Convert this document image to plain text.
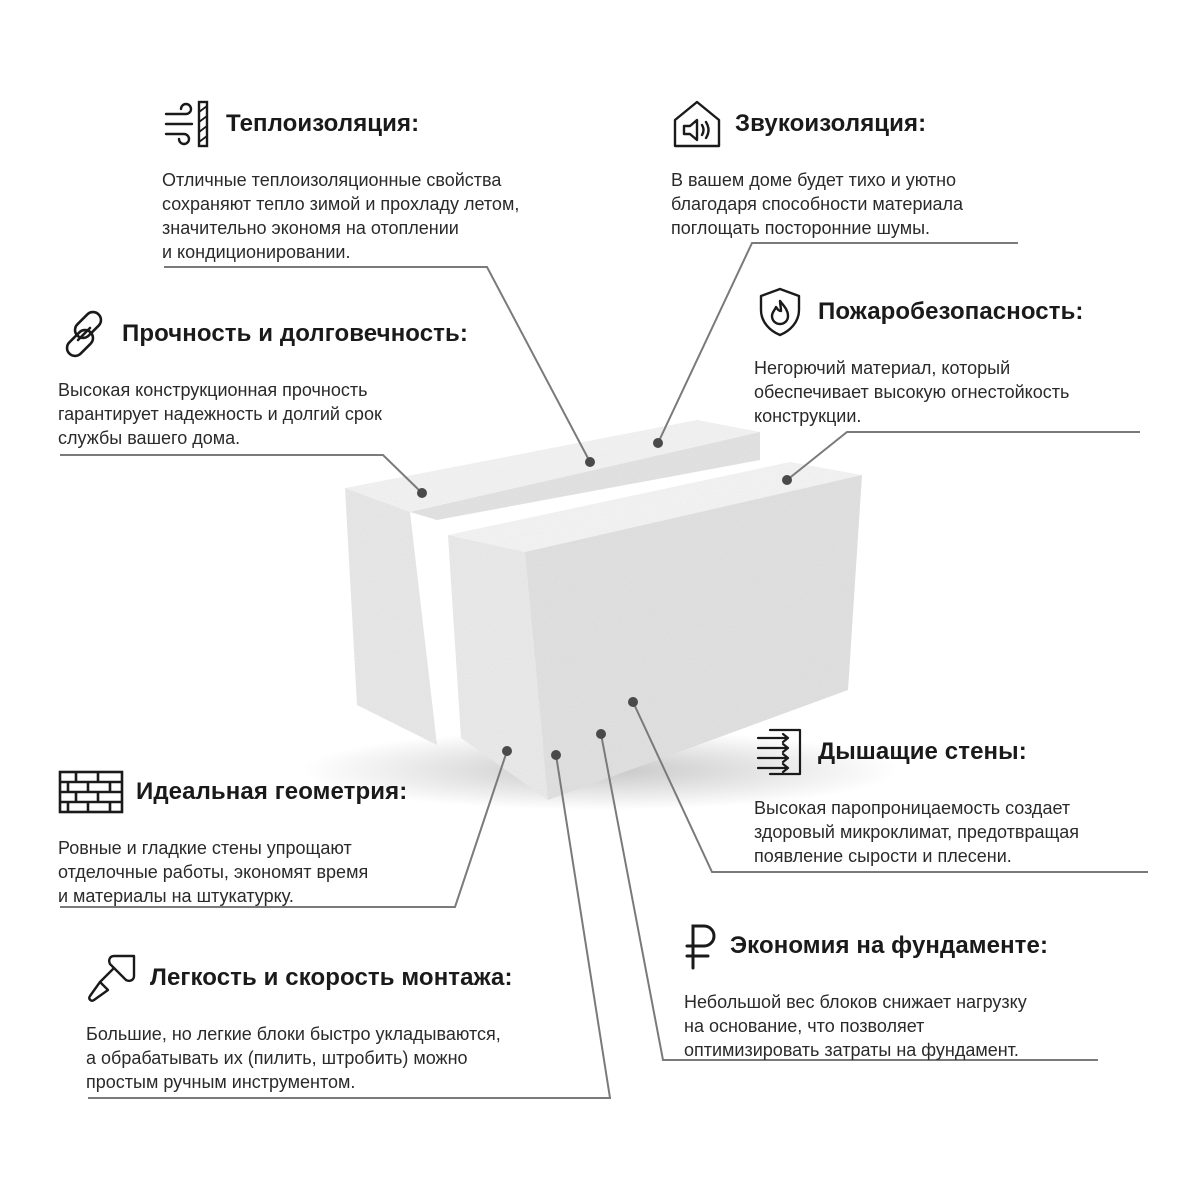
Теплоизоляция:
Отличные теплоизоляционные свойства
сохраняют тепло зимой и прохладу летом,
значительно экономя на отоплении
и кондиционировании.
Звукоизоляция:
В вашем доме будет тихо и уютно
благодаря способности материала
поглощать посторонние шумы.
Прочность и долговечность:
Высокая конструкционная прочность
гарантирует надежность и долгий срок
службы вашего дома.
Пожаробезопасность:
Негорючий материал, который
обеспечивает высокую огнестойкость
конструкции.
Дышащие стены:
Высокая паропроницаемость создает
здоровый микроклимат, предотвращая
появление сырости и плесени.
Идеальная геометрия:
Ровные и гладкие стены упрощают
отделочные работы, экономят время
и материалы на штукатурку.
Экономия на фундаменте:
Небольшой вес блоков снижает нагрузку
на основание, что позволяет
оптимизировать затраты на фундамент.
Легкость и скорость монтажа:
Большие, но легкие блоки быстро укладываются,
а обрабатывать их (пилить, штробить) можно
простым ручным инструментом.
